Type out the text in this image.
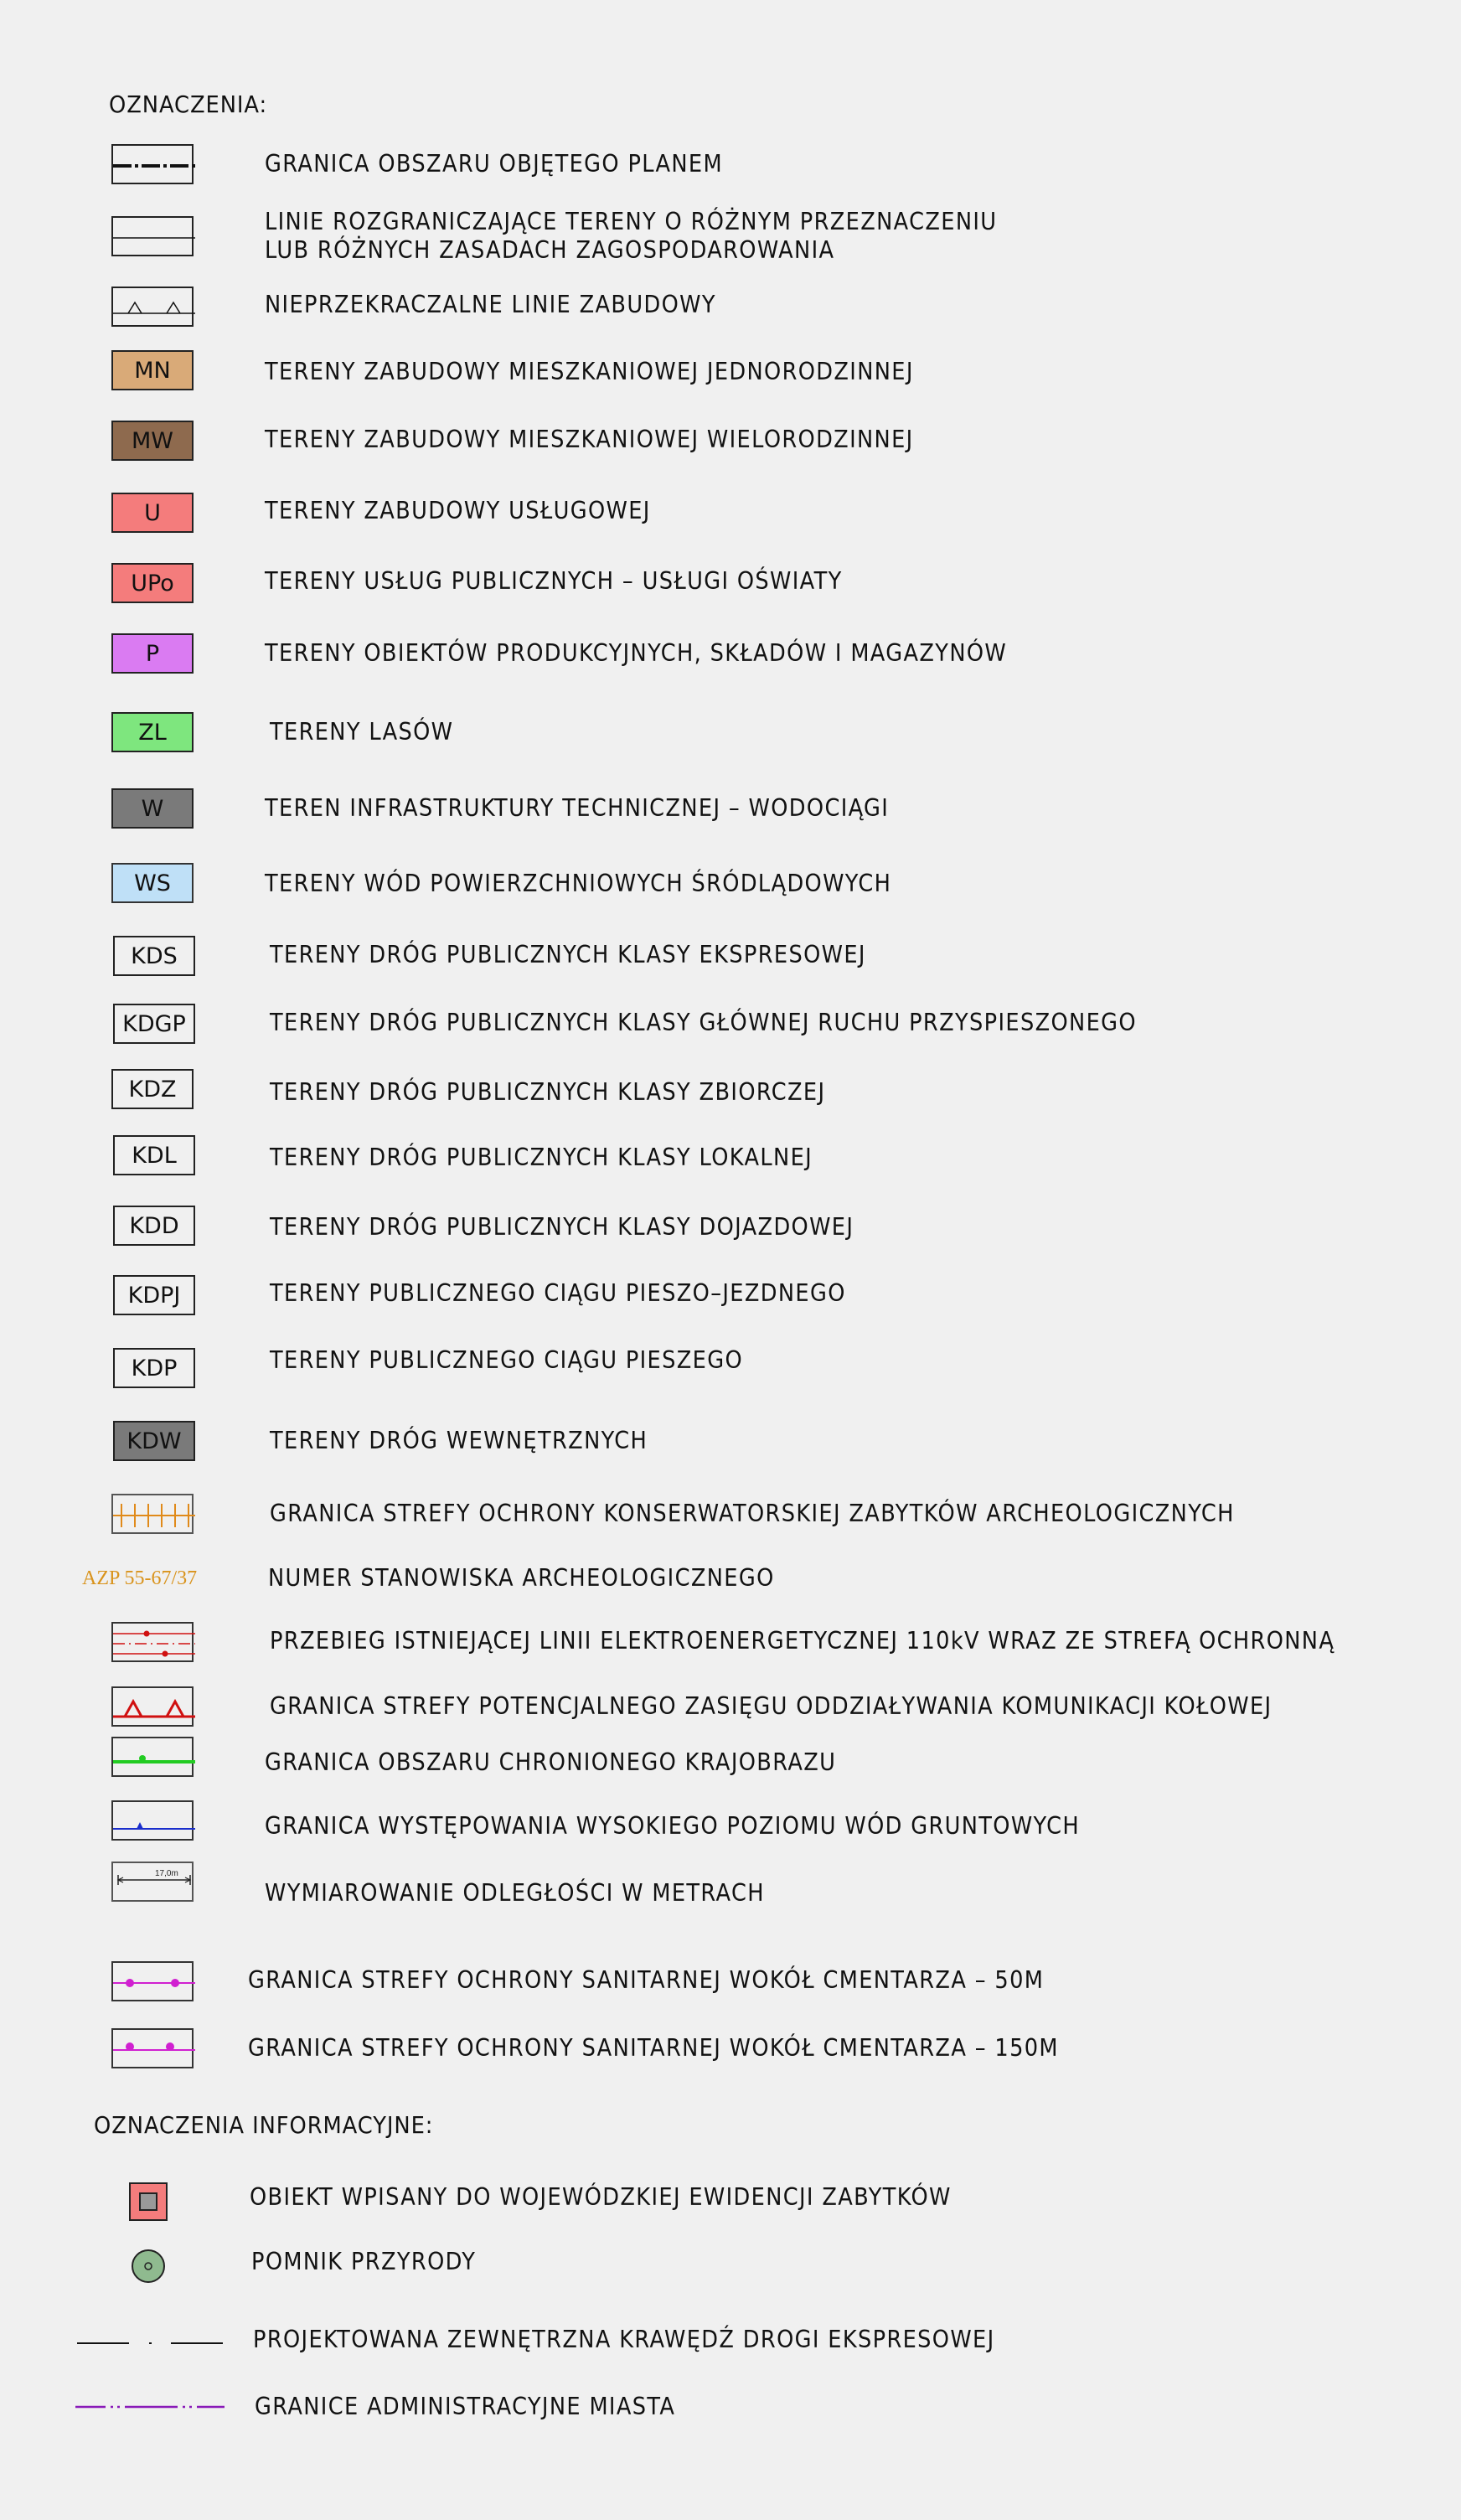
OZNACZENIA:
GRANICA OBSZARU OBJĘTEGO PLANEM
LINIE ROZGRANICZAJĄCE TERENY O RÓŻNYM PRZEZNACZENIU
LUB RÓŻNYCH ZASADACH ZAGOSPODAROWANIA
NIEPRZEKRACZALNE LINIE ZABUDOWY
MN	TERENY ZABUDOWY MIESZKANIOWEJ JEDNORODZINNEJ
MW	TERENY ZABUDOWY MIESZKANIOWEJ WIELORODZINNEJ
U	TERENY ZABUDOWY USŁUGOWEJ
UPo	TERENY USŁUG PUBLICZNYCH – USŁUGI OŚWIATY
P	TERENY OBIEKTÓW PRODUKCYJNYCH, SKŁADÓW I MAGAZYNÓW
ZL	TERENY LASÓW
W	TEREN INFRASTRUKTURY TECHNICZNEJ – WODOCIĄGI
WS	TERENY WÓD POWIERZCHNIOWYCH ŚRÓDLĄDOWYCH
KDS	TERENY DRÓG PUBLICZNYCH KLASY EKSPRESOWEJ
KDGP	TERENY DRÓG PUBLICZNYCH KLASY GŁÓWNEJ RUCHU PRZYSPIESZONEGO
KDZ	TERENY DRÓG PUBLICZNYCH KLASY ZBIORCZEJ
KDL	TERENY DRÓG PUBLICZNYCH KLASY LOKALNEJ
KDD	TERENY DRÓG PUBLICZNYCH KLASY DOJAZDOWEJ
KDPJ	TERENY PUBLICZNEGO CIĄGU PIESZO–JEZDNEGO
KDP	TERENY PUBLICZNEGO CIĄGU PIESZEGO
KDW	TERENY DRÓG WEWNĘTRZNYCH
GRANICA STREFY OCHRONY KONSERWATORSKIEJ ZABYTKÓW ARCHEOLOGICZNYCH
AZP 55-67/37	NUMER STANOWISKA ARCHEOLOGICZNEGO
PRZEBIEG ISTNIEJĄCEJ LINII ELEKTROENERGETYCZNEJ 110kV WRAZ ZE STREFĄ OCHRONNĄ
GRANICA STREFY POTENCJALNEGO ZASIĘGU ODDZIAŁYWANIA KOMUNIKACJI KOŁOWEJ
GRANICA OBSZARU CHRONIONEGO KRAJOBRAZU
GRANICA WYSTĘPOWANIA WYSOKIEGO POZIOMU WÓD GRUNTOWYCH
17,0m
WYMIAROWANIE ODLEGŁOŚCI W METRACH
GRANICA STREFY OCHRONY SANITARNEJ WOKÓŁ CMENTARZA – 50M
GRANICA STREFY OCHRONY SANITARNEJ WOKÓŁ CMENTARZA – 150M
OZNACZENIA INFORMACYJNE:
OBIEKT WPISANY DO WOJEWÓDZKIEJ EWIDENCJI ZABYTKÓW
POMNIK PRZYRODY
PROJEKTOWANA ZEWNĘTRZNA KRAWĘDŹ DROGI EKSPRESOWEJ
GRANICE ADMINISTRACYJNE MIASTA
